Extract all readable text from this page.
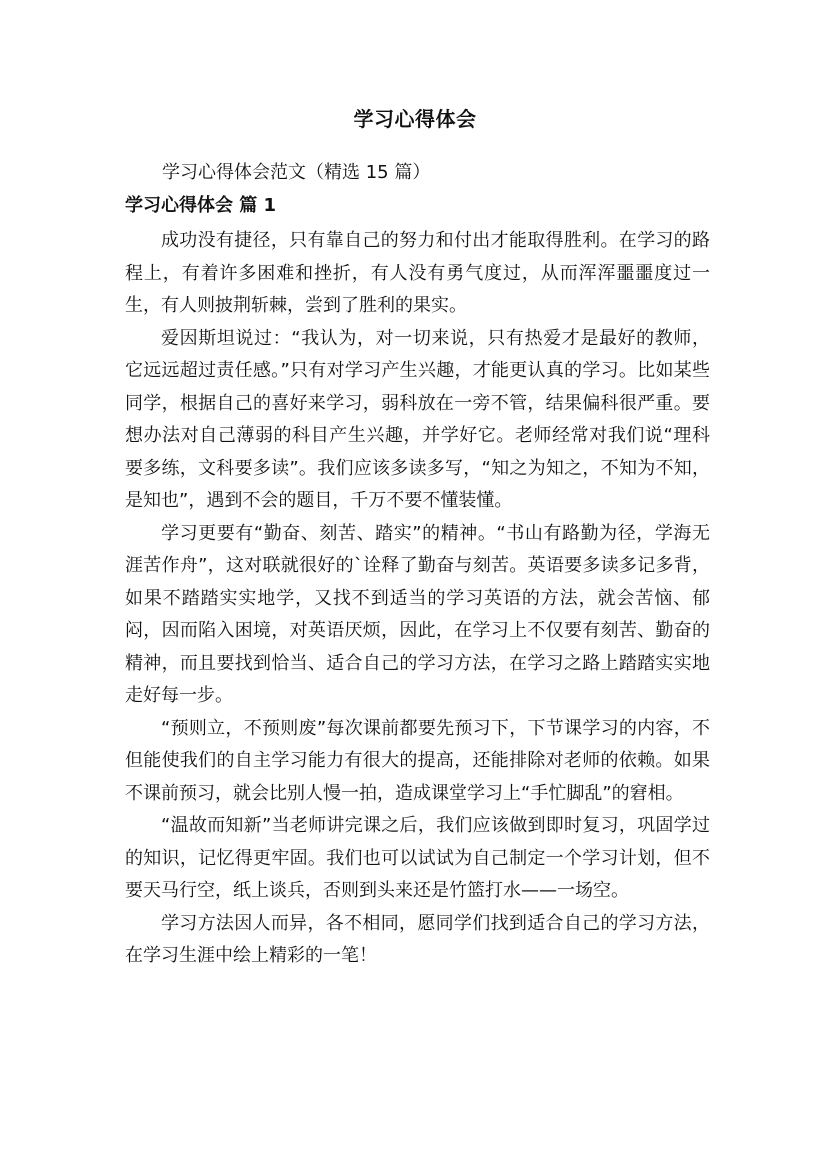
学习心得体会
学习心得体会范文（精选 15 篇）
学习心得体会 篇 1

成功没有捷径，只有靠自己的努力和付出才能取得胜利。在学习的路程上，有着许多困难和挫折，有人没有勇气度过，从而浑浑噩噩度过一生，有人则披荆斩棘，尝到了胜利的果实。

爱因斯坦说过：“我认为，对一切来说，只有热爱才是最好的教师，它远远超过责任感。”只有对学习产生兴趣，才能更认真的学习。比如某些同学，根据自己的喜好来学习，弱科放在一旁不管，结果偏科很严重。要想办法对自己薄弱的科目产生兴趣，并学好它。老师经常对我们说“理科要多练，文科要多读”。我们应该多读多写，“知之为知之，不知为不知，是知也”，遇到不会的题目，千万不要不懂装懂。

学习更要有“勤奋、刻苦、踏实”的精神。“书山有路勤为径，学海无涯苦作舟”，这对联就很好的`诠释了勤奋与刻苦。英语要多读多记多背，如果不踏踏实实地学，又找不到适当的学习英语的方法，就会苦恼、郁闷，因而陷入困境，对英语厌烦，因此，在学习上不仅要有刻苦、勤奋的精神，而且要找到恰当、适合自己的学习方法，在学习之路上踏踏实实地走好每一步。

“预则立，不预则废”每次课前都要先预习下，下节课学习的内容，不但能使我们的自主学习能力有很大的提高，还能排除对老师的依赖。如果不课前预习，就会比别人慢一拍，造成课堂学习上“手忙脚乱”的窘相。

“温故而知新”当老师讲完课之后，我们应该做到即时复习，巩固学过的知识，记忆得更牢固。我们也可以试试为自己制定一个学习计划，但不要天马行空，纸上谈兵，否则到头来还是竹篮打水——一场空。

学习方法因人而异，各不相同，愿同学们找到适合自己的学习方法，在学习生涯中绘上精彩的一笔！
